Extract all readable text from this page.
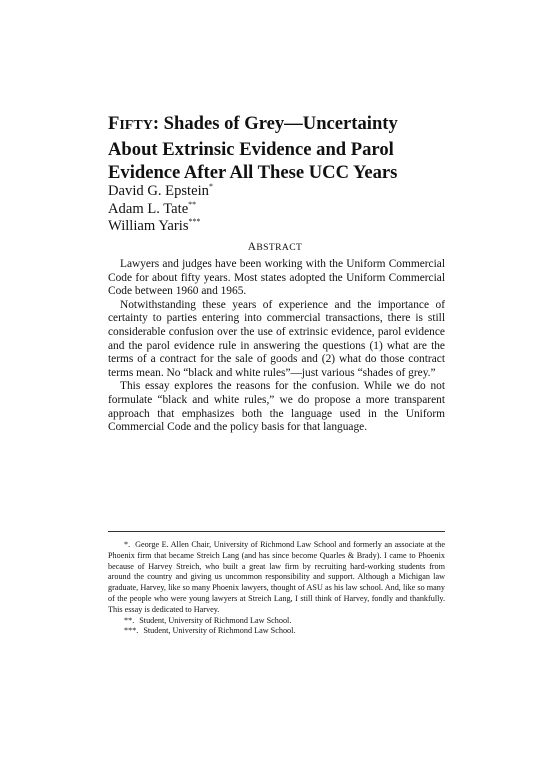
FIFTY: Shades of Grey—Uncertainty About Extrinsic Evidence and Parol Evidence After All These UCC Years
David G. Epstein*
Adam L. Tate**
William Yaris***
ABSTRACT

Lawyers and judges have been working with the Uniform Commercial Code for about fifty years. Most states adopted the Uniform Commercial Code between 1960 and 1965.

Notwithstanding these years of experience and the importance of certainty to parties entering into commercial transactions, there is still considerable confusion over the use of extrinsic evidence, parol evidence and the parol evidence rule in answering the questions (1) what are the terms of a contract for the sale of goods and (2) what do those contract terms mean. No “black and white rules”—just various “shades of grey.”

This essay explores the reasons for the confusion. While we do not formulate “black and white rules,” we do propose a more transparent approach that emphasizes both the language used in the Uniform Commercial Code and the policy basis for that language.

*. George E. Allen Chair, University of Richmond Law School and formerly an associate at the Phoenix firm that became Streich Lang (and has since become Quarles & Brady). I came to Phoenix because of Harvey Streich, who built a great law firm by recruiting hard-working students from around the country and giving us uncommon responsibility and support. Although a Michigan law graduate, Harvey, like so many Phoenix lawyers, thought of ASU as his law school. And, like so many of the people who were young lawyers at Streich Lang, I still think of Harvey, fondly and thankfully. This essay is dedicated to Harvey.

**. Student, University of Richmond Law School.

***. Student, University of Richmond Law School.
